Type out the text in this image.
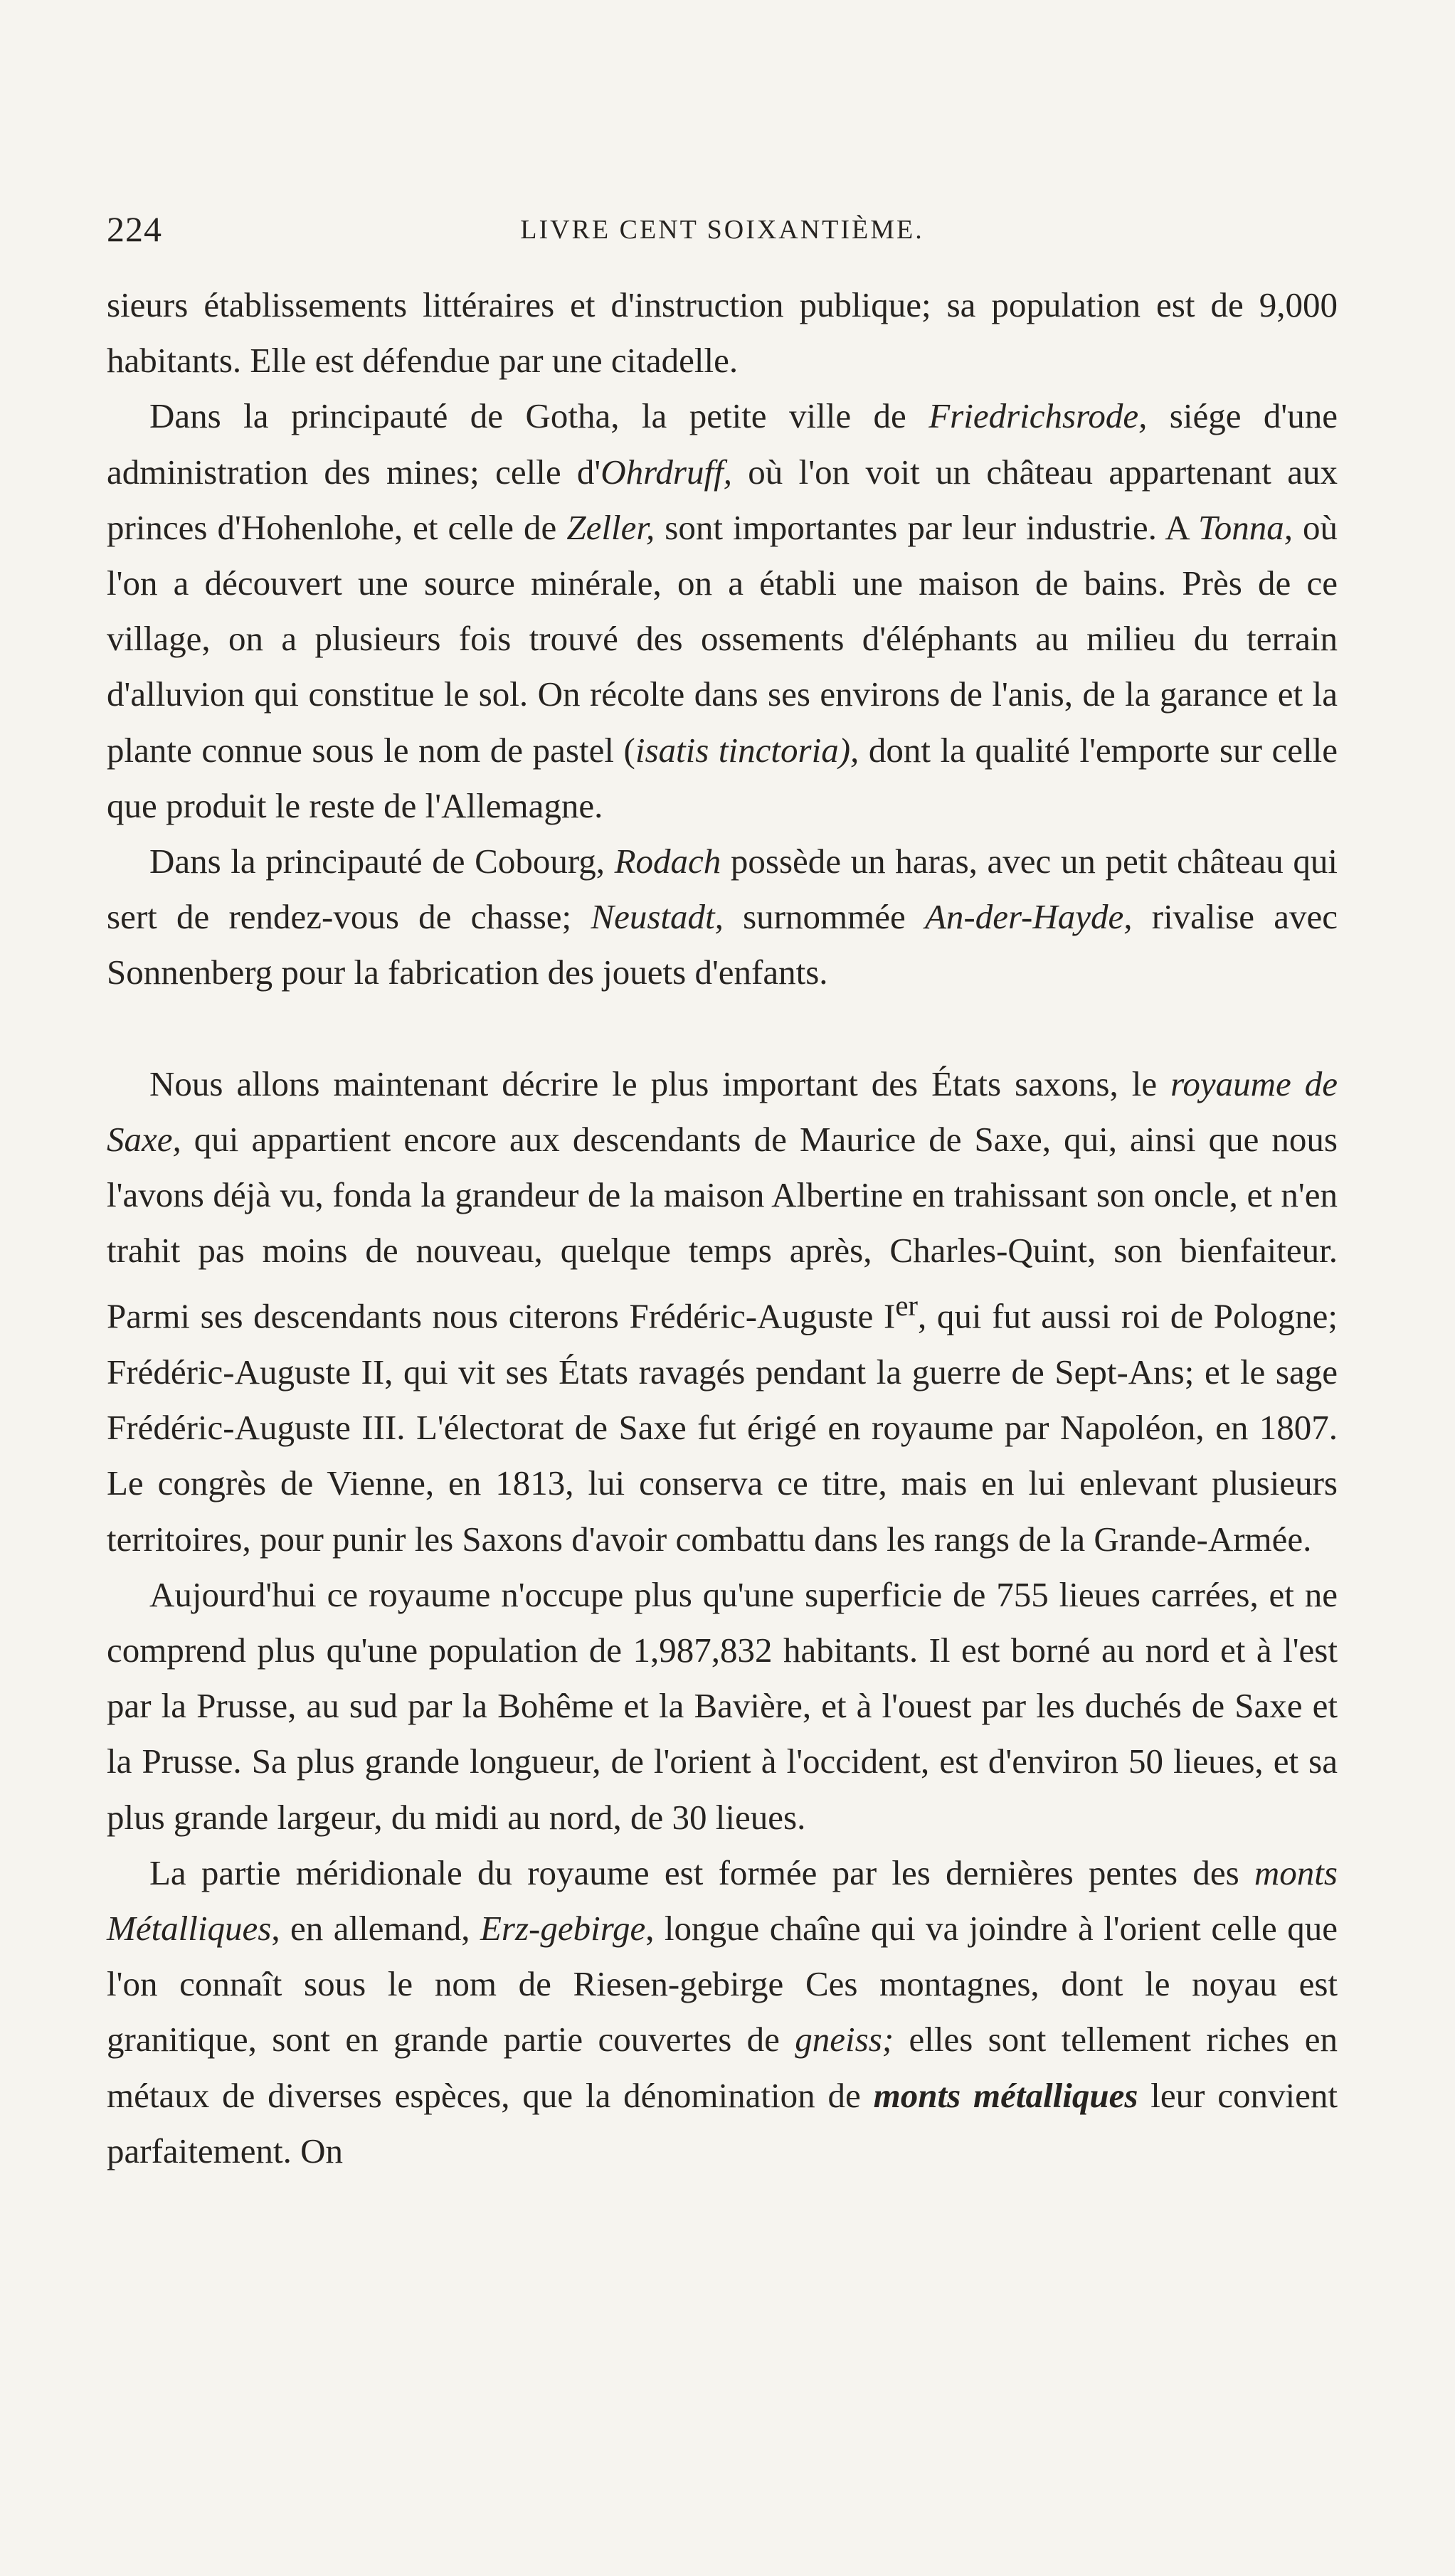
224	LIVRE CENT SOIXANTIÈME.

sieurs établissements littéraires et d'instruction publique; sa population est de 9,000 habitants. Elle est défendue par une citadelle.

Dans la principauté de Gotha, la petite ville de Friedrichsrode, siége d'une administration des mines; celle d'Ohrdruff, où l'on voit un château appartenant aux princes d'Hohenlohe, et celle de Zeller, sont importantes par leur industrie. A Tonna, où l'on a découvert une source minérale, on a établi une maison de bains. Près de ce village, on a plusieurs fois trouvé des ossements d'éléphants au milieu du terrain d'alluvion qui constitue le sol. On récolte dans ses environs de l'anis, de la garance et la plante connue sous le nom de pastel (isatis tinctoria), dont la qualité l'emporte sur celle que produit le reste de l'Allemagne.

Dans la principauté de Cobourg, Rodach possède un haras, avec un petit château qui sert de rendez-vous de chasse; Neustadt, surnommée An-der-Hayde, rivalise avec Sonnenberg pour la fabrication des jouets d'enfants.

Nous allons maintenant décrire le plus important des États saxons, le royaume de Saxe, qui appartient encore aux descendants de Maurice de Saxe, qui, ainsi que nous l'avons déjà vu, fonda la grandeur de la maison Albertine en trahissant son oncle, et n'en trahit pas moins de nouveau, quelque temps après, Charles-Quint, son bienfaiteur. Parmi ses descendants nous citerons Frédéric-Auguste Ier, qui fut aussi roi de Pologne; Frédéric-Auguste II, qui vit ses États ravagés pendant la guerre de Sept-Ans; et le sage Frédéric-Auguste III. L'électorat de Saxe fut érigé en royaume par Napoléon, en 1807. Le congrès de Vienne, en 1813, lui conserva ce titre, mais en lui enlevant plusieurs territoires, pour punir les Saxons d'avoir combattu dans les rangs de la Grande-Armée.

Aujourd'hui ce royaume n'occupe plus qu'une superficie de 755 lieues carrées, et ne comprend plus qu'une population de 1,987,832 habitants. Il est borné au nord et à l'est par la Prusse, au sud par la Bohême et la Bavière, et à l'ouest par les duchés de Saxe et la Prusse. Sa plus grande longueur, de l'orient à l'occident, est d'environ 50 lieues, et sa plus grande largeur, du midi au nord, de 30 lieues.

La partie méridionale du royaume est formée par les dernières pentes des monts Métalliques, en allemand, Erz-gebirge, longue chaîne qui va joindre à l'orient celle que l'on connaît sous le nom de Riesen-gebirge Ces montagnes, dont le noyau est granitique, sont en grande partie couvertes de gneiss; elles sont tellement riches en métaux de diverses espèces, que la dénomination de monts métalliques leur convient parfaitement. On
